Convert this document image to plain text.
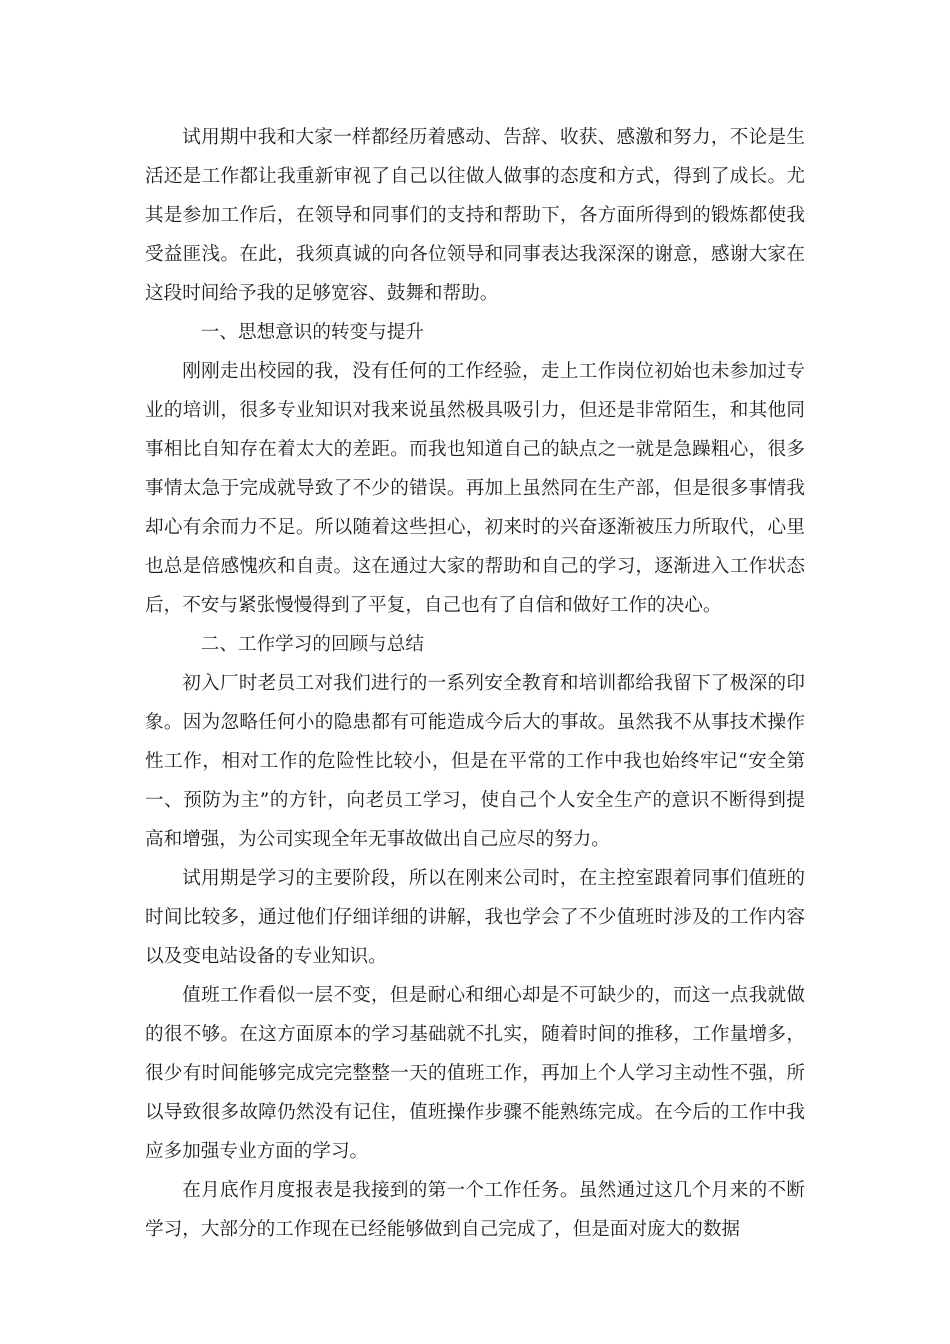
试用期中我和大家一样都经历着感动、告辞、收获、感激和努力，不论是生活还是工作都让我重新审视了自己以往做人做事的态度和方式，得到了成长。尤其是参加工作后，在领导和同事们的支持和帮助下，各方面所得到的锻炼都使我受益匪浅。在此，我须真诚的向各位领导和同事表达我深深的谢意，感谢大家在这段时间给予我的足够宽容、鼓舞和帮助。

一、思想意识的转变与提升

刚刚走出校园的我，没有任何的工作经验，走上工作岗位初始也未参加过专业的培训，很多专业知识对我来说虽然极具吸引力，但还是非常陌生，和其他同事相比自知存在着太大的差距。而我也知道自己的缺点之一就是急躁粗心，很多事情太急于完成就导致了不少的错误。再加上虽然同在生产部，但是很多事情我却心有余而力不足。所以随着这些担心，初来时的兴奋逐渐被压力所取代，心里也总是倍感愧疚和自责。这在通过大家的帮助和自己的学习，逐渐进入工作状态后，不安与紧张慢慢得到了平复，自己也有了自信和做好工作的决心。

二、工作学习的回顾与总结

初入厂时老员工对我们进行的一系列安全教育和培训都给我留下了极深的印象。因为忽略任何小的隐患都有可能造成今后大的事故。虽然我不从事技术操作性工作，相对工作的危险性比较小，但是在平常的工作中我也始终牢记“安全第一、预防为主”的方针，向老员工学习，使自己个人安全生产的意识不断得到提高和增强，为公司实现全年无事故做出自己应尽的努力。

试用期是学习的主要阶段，所以在刚来公司时，在主控室跟着同事们值班的时间比较多，通过他们仔细详细的讲解，我也学会了不少值班时涉及的工作内容以及变电站设备的专业知识。

值班工作看似一层不变，但是耐心和细心却是不可缺少的，而这一点我就做的很不够。在这方面原本的学习基础就不扎实，随着时间的推移，工作量增多，很少有时间能够完成完完整整一天的值班工作，再加上个人学习主动性不强，所以导致很多故障仍然没有记住，值班操作步骤不能熟练完成。在今后的工作中我应多加强专业方面的学习。

在月底作月度报表是我接到的第一个工作任务。虽然通过这几个月来的不断学习，大部分的工作现在已经能够做到自己完成了，但是面对庞大的数据
